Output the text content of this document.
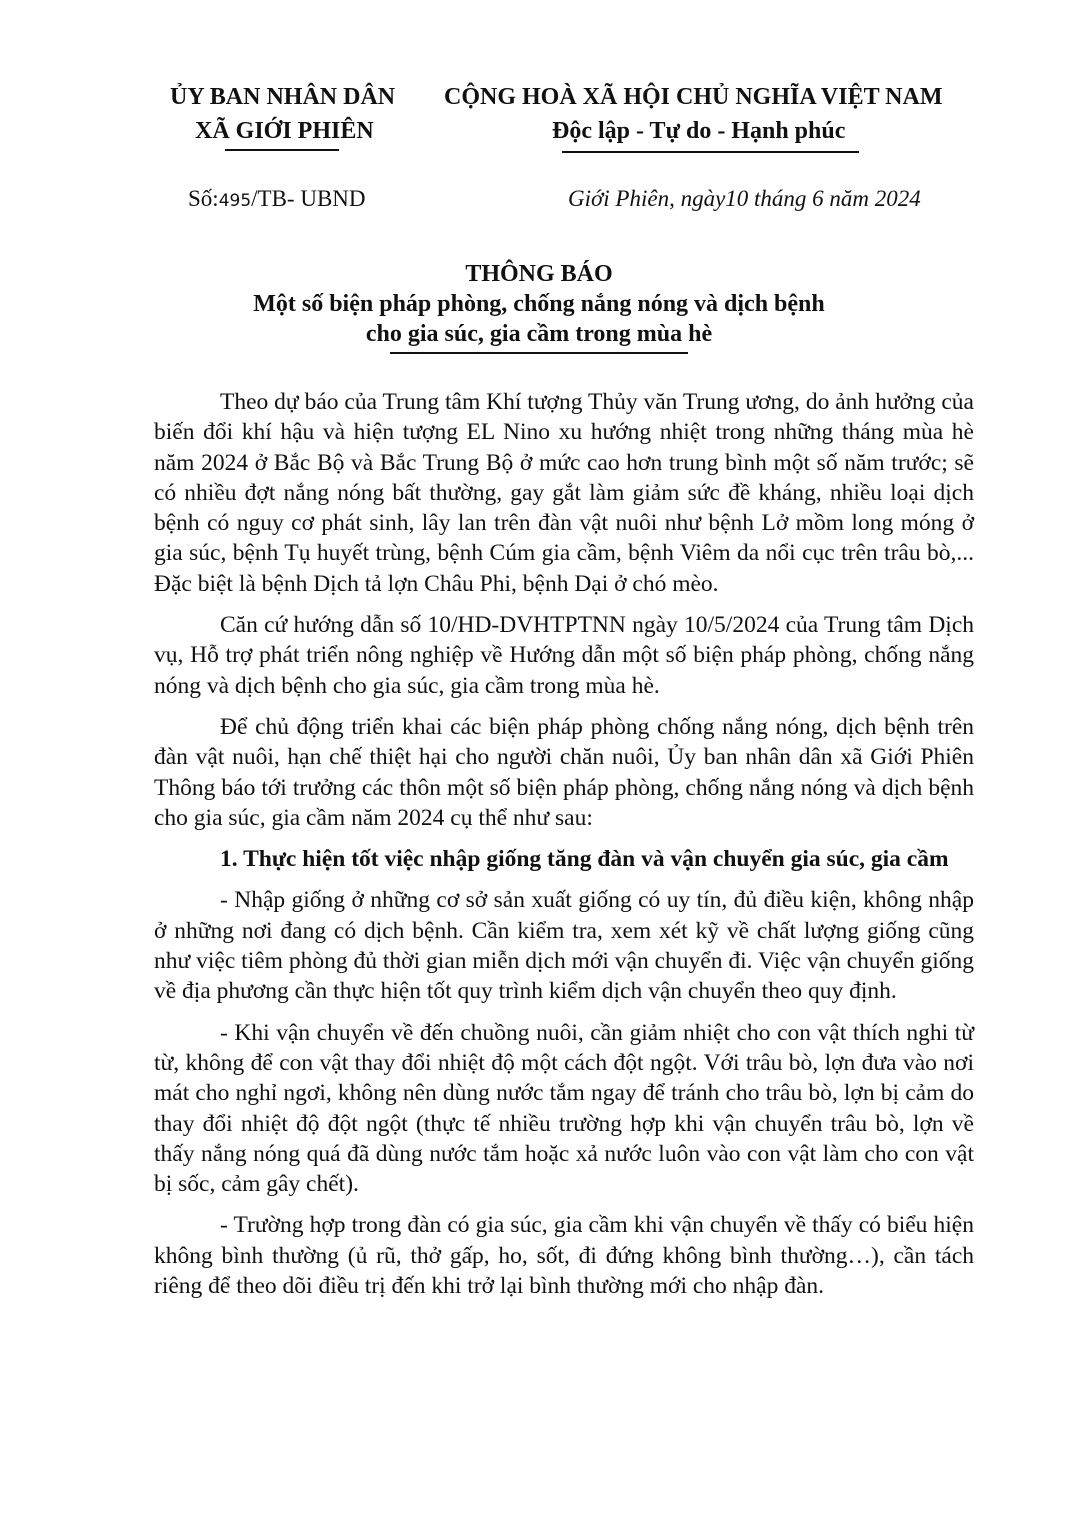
ỦY BAN NHÂN DÂN
XÃ GIỚI PHIÊN
CỘNG HOÀ XÃ HỘI CHỦ NGHĨA VIỆT NAM
Độc lập - Tự do - Hạnh phúc
Số:495/TB- UBND	Giới Phiên, ngày10 tháng 6 năm 2024
THÔNG BÁO
Một số biện pháp phòng, chống nắng nóng và dịch bệnh
cho gia súc, gia cầm trong mùa hè

Theo dự báo của Trung tâm Khí tượng Thủy văn Trung ương, do ảnh hưởng của biến đổi khí hậu và hiện tượng EL Nino xu hướng nhiệt trong những tháng mùa hè năm 2024 ở Bắc Bộ và Bắc Trung Bộ ở mức cao hơn trung bình một số năm trước; sẽ có nhiều đợt nắng nóng bất thường, gay gắt làm giảm sức đề kháng, nhiều loại dịch bệnh có nguy cơ phát sinh, lây lan trên đàn vật nuôi như bệnh Lở mồm long móng ở gia súc, bệnh Tụ huyết trùng, bệnh Cúm gia cầm, bệnh Viêm da nổi cục trên trâu bò,... Đặc biệt là bệnh Dịch tả lợn Châu Phi, bệnh Dại ở chó mèo.

Căn cứ hướng dẫn số 10/HD-DVHTPTNN ngày 10/5/2024 của Trung tâm Dịch vụ, Hỗ trợ phát triển nông nghiệp về Hướng dẫn một số biện pháp phòng, chống nắng nóng và dịch bệnh cho gia súc, gia cầm trong mùa hè.

Để chủ động triển khai các biện pháp phòng chống nắng nóng, dịch bệnh trên đàn vật nuôi, hạn chế thiệt hại cho người chăn nuôi, Ủy ban nhân dân xã Giới Phiên Thông báo tới trưởng các thôn một số biện pháp phòng, chống nắng nóng và dịch bệnh cho gia súc, gia cầm năm 2024 cụ thể như sau:

1. Thực hiện tốt việc nhập giống tăng đàn và vận chuyển gia súc, gia cầm

- Nhập giống ở những cơ sở sản xuất giống có uy tín, đủ điều kiện, không nhập ở những nơi đang có dịch bệnh. Cần kiểm tra, xem xét kỹ về chất lượng giống cũng như việc tiêm phòng đủ thời gian miễn dịch mới vận chuyển đi. Việc vận chuyển giống về địa phương cần thực hiện tốt quy trình kiểm dịch vận chuyển theo quy định.

- Khi vận chuyển về đến chuồng nuôi, cần giảm nhiệt cho con vật thích nghi từ từ, không để con vật thay đổi nhiệt độ một cách đột ngột. Với trâu bò, lợn đưa vào nơi mát cho nghỉ ngơi, không nên dùng nước tắm ngay để tránh cho trâu bò, lợn bị cảm do thay đổi nhiệt độ đột ngột (thực tế nhiều trường hợp khi vận chuyển trâu bò, lợn về thấy nắng nóng quá đã dùng nước tắm hoặc xả nước luôn vào con vật làm cho con vật bị sốc, cảm gây chết).

- Trường hợp trong đàn có gia súc, gia cầm khi vận chuyển về thấy có biểu hiện không bình thường (ủ rũ, thở gấp, ho, sốt, đi đứng không bình thường…), cần tách riêng để theo dõi điều trị đến khi trở lại bình thường mới cho nhập đàn.
